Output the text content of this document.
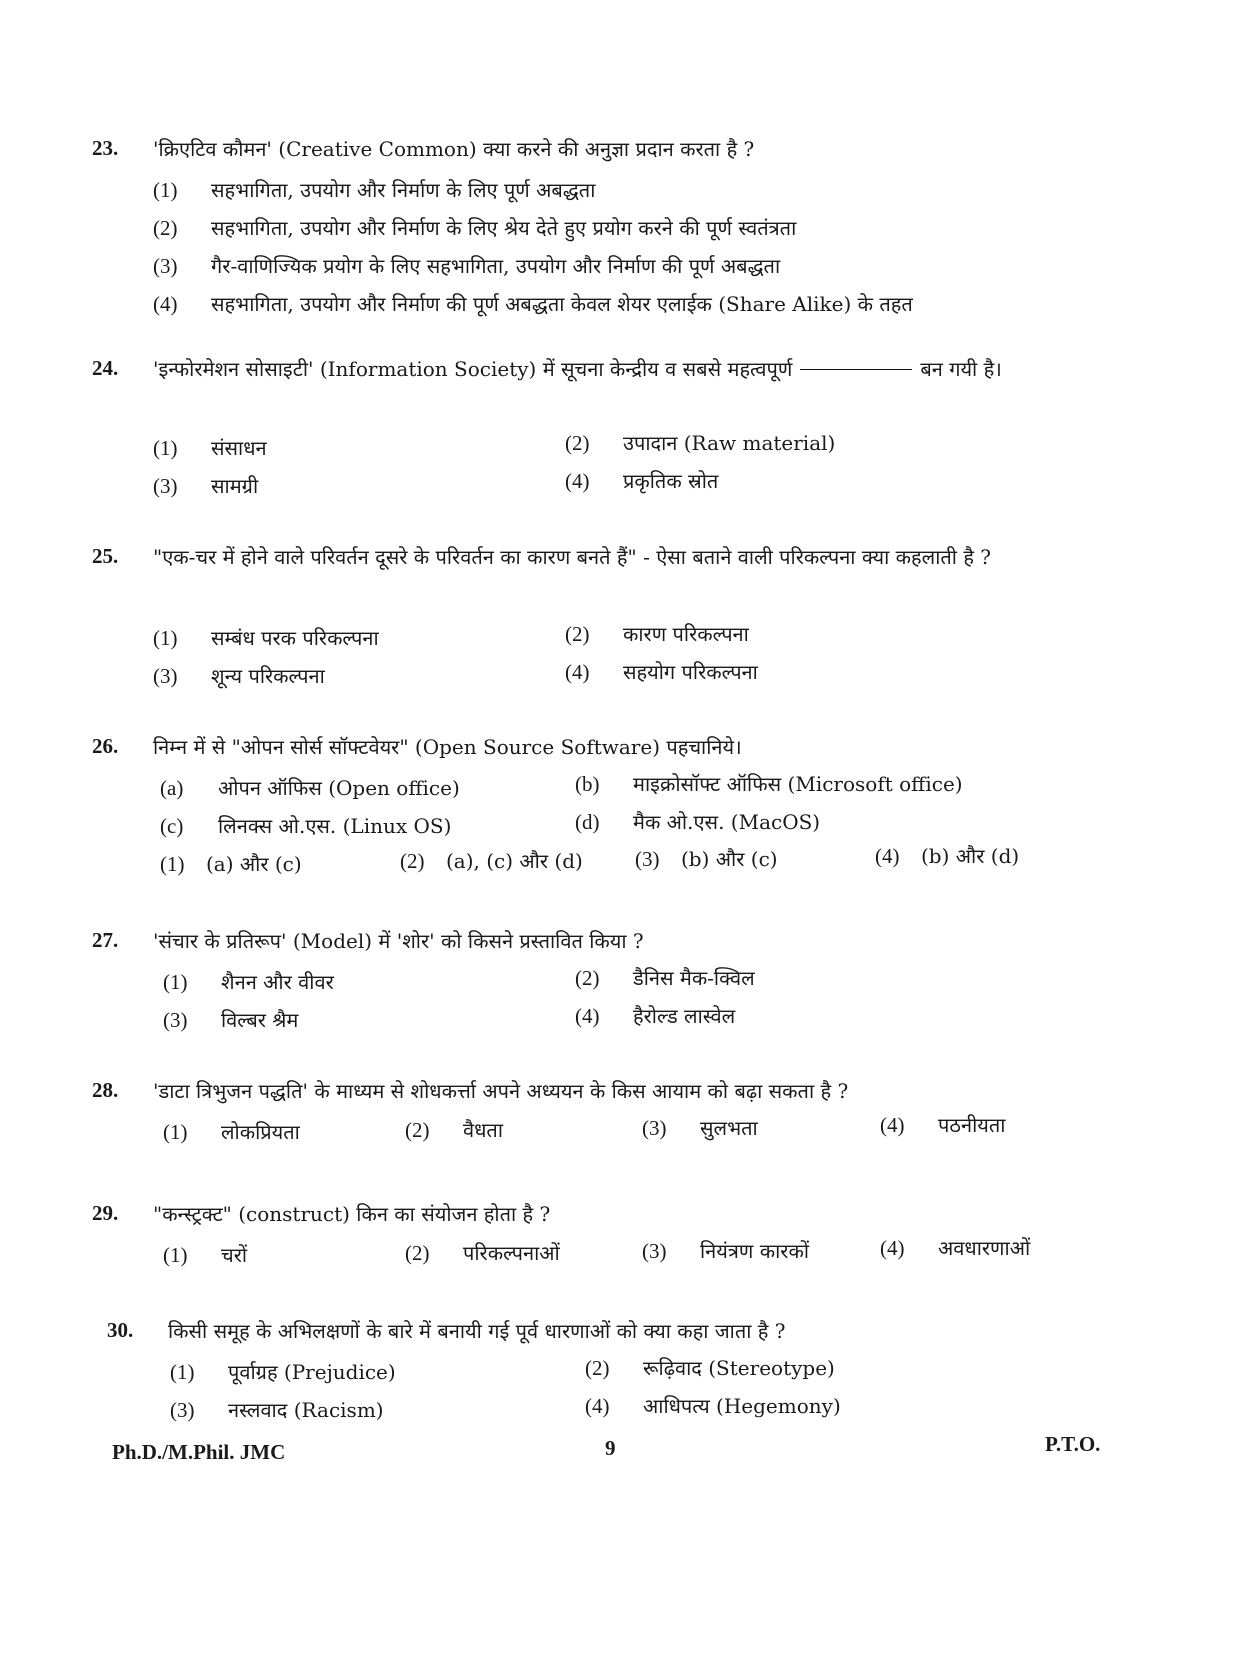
23. 'क्रिएटिव कौमन' (Creative Common) क्या करने की अनुज्ञा प्रदान करता है ?
(1) सहभागिता, उपयोग और निर्माण के लिए पूर्ण अबद्धता
(2) सहभागिता, उपयोग और निर्माण के लिए श्रेय देते हुए प्रयोग करने की पूर्ण स्वतंत्रता
(3) गैर-वाणिज्यिक प्रयोग के लिए सहभागिता, उपयोग और निर्माण की पूर्ण अबद्धता
(4) सहभागिता, उपयोग और निर्माण की पूर्ण अबद्धता केवल शेयर एलाईक (Share Alike) के तहत
24. 'इन्फोरमेशन सोसाइटी' (Information Society) में सूचना केन्द्रीय व सबसे महत्वपूर्ण	बन गयी है।
(1) संसाधन	(2) उपादान (Raw material)
(3) सामग्री	(4) प्रकृतिक स्रोत
25. "एक-चर में होने वाले परिवर्तन दूसरे के परिवर्तन का कारण बनते हैं" - ऐसा बताने वाली परिकल्पना क्या कहलाती है ?
(1) सम्बंध परक परिकल्पना	(2) कारण परिकल्पना
(3) शून्य परिकल्पना	(4) सहयोग परिकल्पना
26. निम्न में से "ओपन सोर्स सॉफ्टवेयर" (Open Source Software) पहचानिये।
(a) ओपन ऑफिस (Open office)	(b) माइक्रोसॉफ्ट ऑफिस (Microsoft office)
(c) लिनक्स ओ.एस. (Linux OS)	(d) मैक ओ.एस. (MacOS)
(1) (a) और (c)	(2) (a), (c) और (d) (3) (b) और (c)	(4) (b) और (d)
27. 'संचार के प्रतिरूप' (Model) में 'शोर' को किसने प्रस्तावित किया ?
(1) शैनन और वीवर	(2) डैनिस मैक-क्विल
(3) विल्बर श्रैम	(4) हैरोल्ड लास्वेल
28. 'डाटा त्रिभुजन पद्धति' के माध्यम से शोधकर्त्ता अपने अध्ययन के किस आयाम को बढ़ा सकता है ?
(1) लोकप्रियता	(2) वैधता	(3) सुलभता	(4) पठनीयता
29. "कन्स्ट्रक्ट" (construct) किन का संयोजन होता है ?
(1) चरों	(2) परिकल्पनाओं	(3) नियंत्रण कारकों	(4) अवधारणाओं
30. किसी समूह के अभिलक्षणों के बारे में बनायी गई पूर्व धारणाओं को क्या कहा जाता है ?
(1) पूर्वाग्रह (Prejudice)	(2) रूढ़िवाद (Stereotype)
(3) नस्लवाद (Racism)	(4) आधिपत्य (Hegemony)
Ph.D./M.Phil. JMC	9	P.T.O.
